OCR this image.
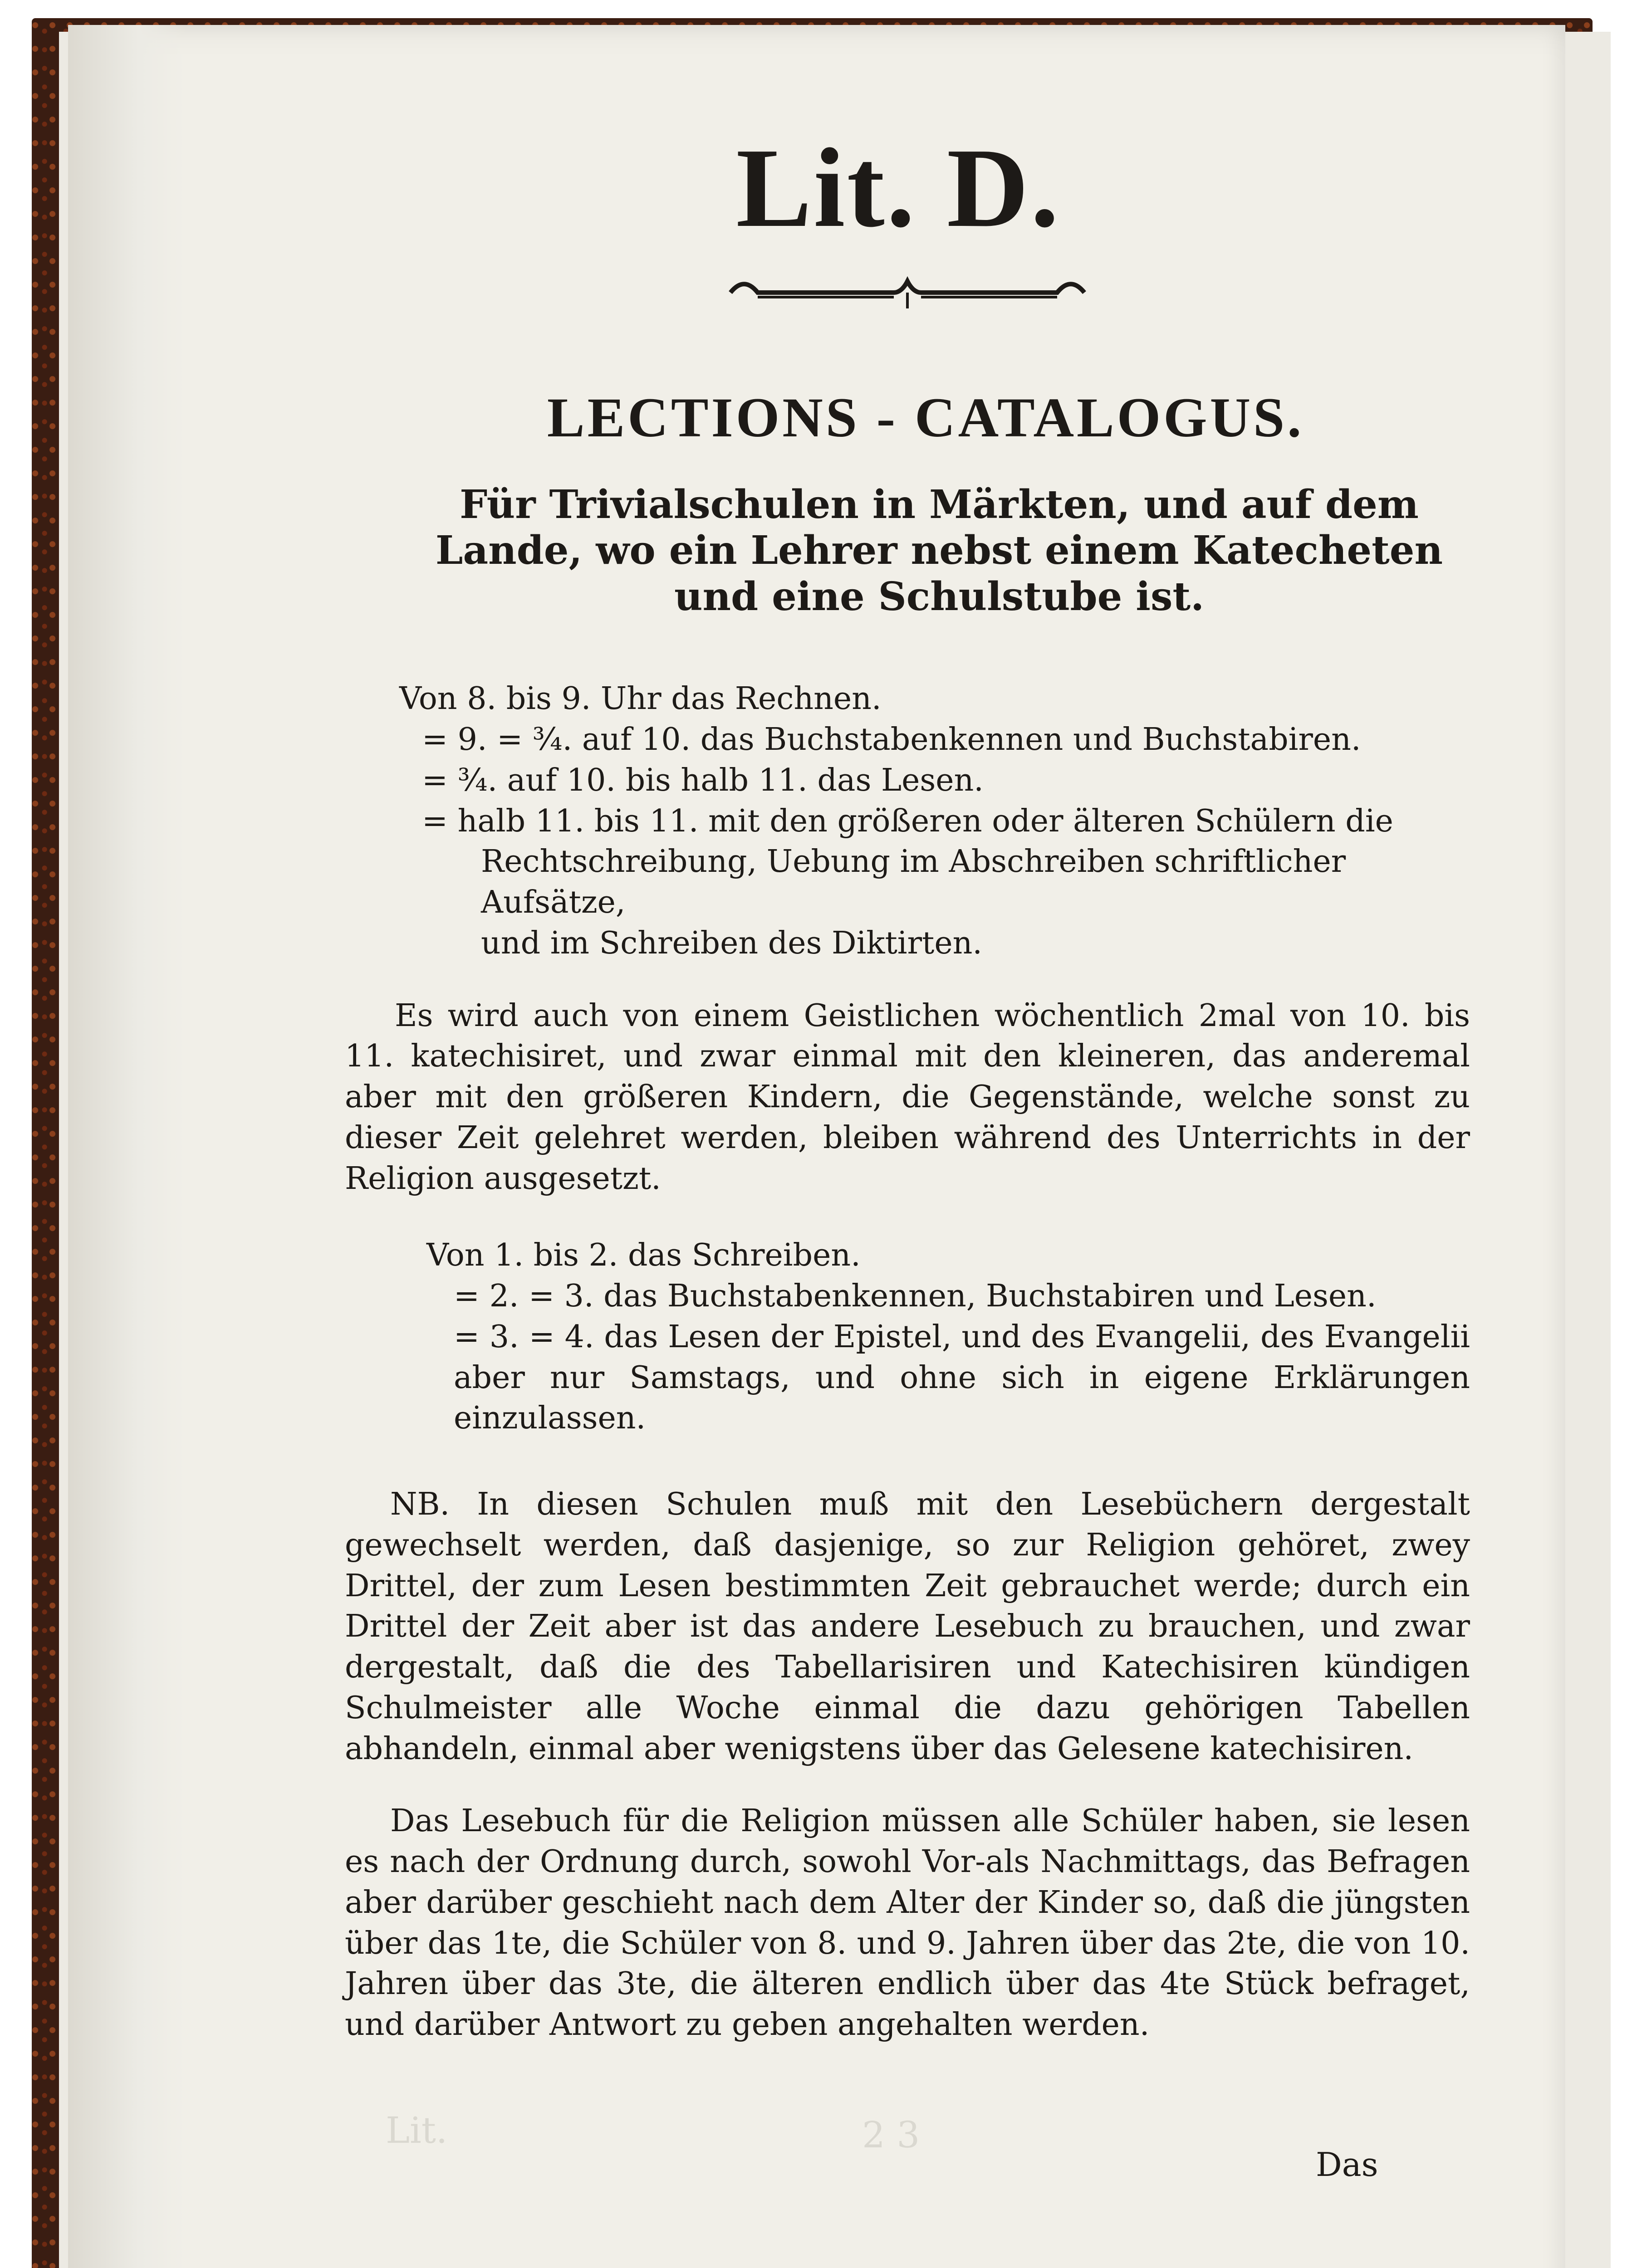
Lit.	2 3
Lit. D.
LECTIONS - CATALOGUS.
Für Trivialschulen in Märkten, und auf dem Lande, wo ein Lehrer nebst einem Katecheten und eine Schulstube ist.
Von 8. bis 9. Uhr das Rechnen.
= 9. = ¾. auf 10. das Buchstabenkennen und Buchstabiren.
= ¾. auf 10. bis halb 11. das Lesen.
= halb 11. bis 11. mit den größeren oder älteren Schülern die
Rechtschreibung, Uebung im Abschreiben schriftlicher Aufsätze,
und im Schreiben des Diktirten.
Es wird auch von einem Geistlichen wöchentlich 2mal von 10. bis 11. katechisiret, und zwar einmal mit den kleineren, das anderemal aber mit den größeren Kindern, die Gegenstände, welche sonst zu dieser Zeit gelehret werden, bleiben während des Unterrichts in der Religion ausgesetzt.
Von 1. bis 2. das Schreiben.
= 2. = 3. das Buchstabenkennen, Buchstabiren und Lesen.
= 3. = 4. das Lesen der Epistel, und des Evangelii, des Evangelii aber nur Samstags, und ohne sich in eigene Erklärungen einzulassen.
NB. In diesen Schulen muß mit den Lesebüchern dergestalt gewechselt werden, daß dasjenige, so zur Religion gehöret, zwey Drittel, der zum Lesen bestimmten Zeit gebrauchet werde; durch ein Drittel der Zeit aber ist das andere Lesebuch zu brauchen, und zwar dergestalt, daß die des Tabellarisiren und Katechisiren kündigen Schulmeister alle Woche einmal die dazu gehörigen Tabellen abhandeln, einmal aber wenigstens über das Gelesene katechisiren.
Das Lesebuch für die Religion müssen alle Schüler haben, sie lesen es nach der Ordnung durch, sowohl Vor-als Nachmittags, das Befragen aber darüber geschieht nach dem Alter der Kinder so, daß die jüngsten über das 1te, die Schüler von 8. und 9. Jahren über das 2te, die von 10. Jahren über das 3te, die älteren endlich über das 4te Stück befraget, und darüber Antwort zu geben angehalten werden.
Das
